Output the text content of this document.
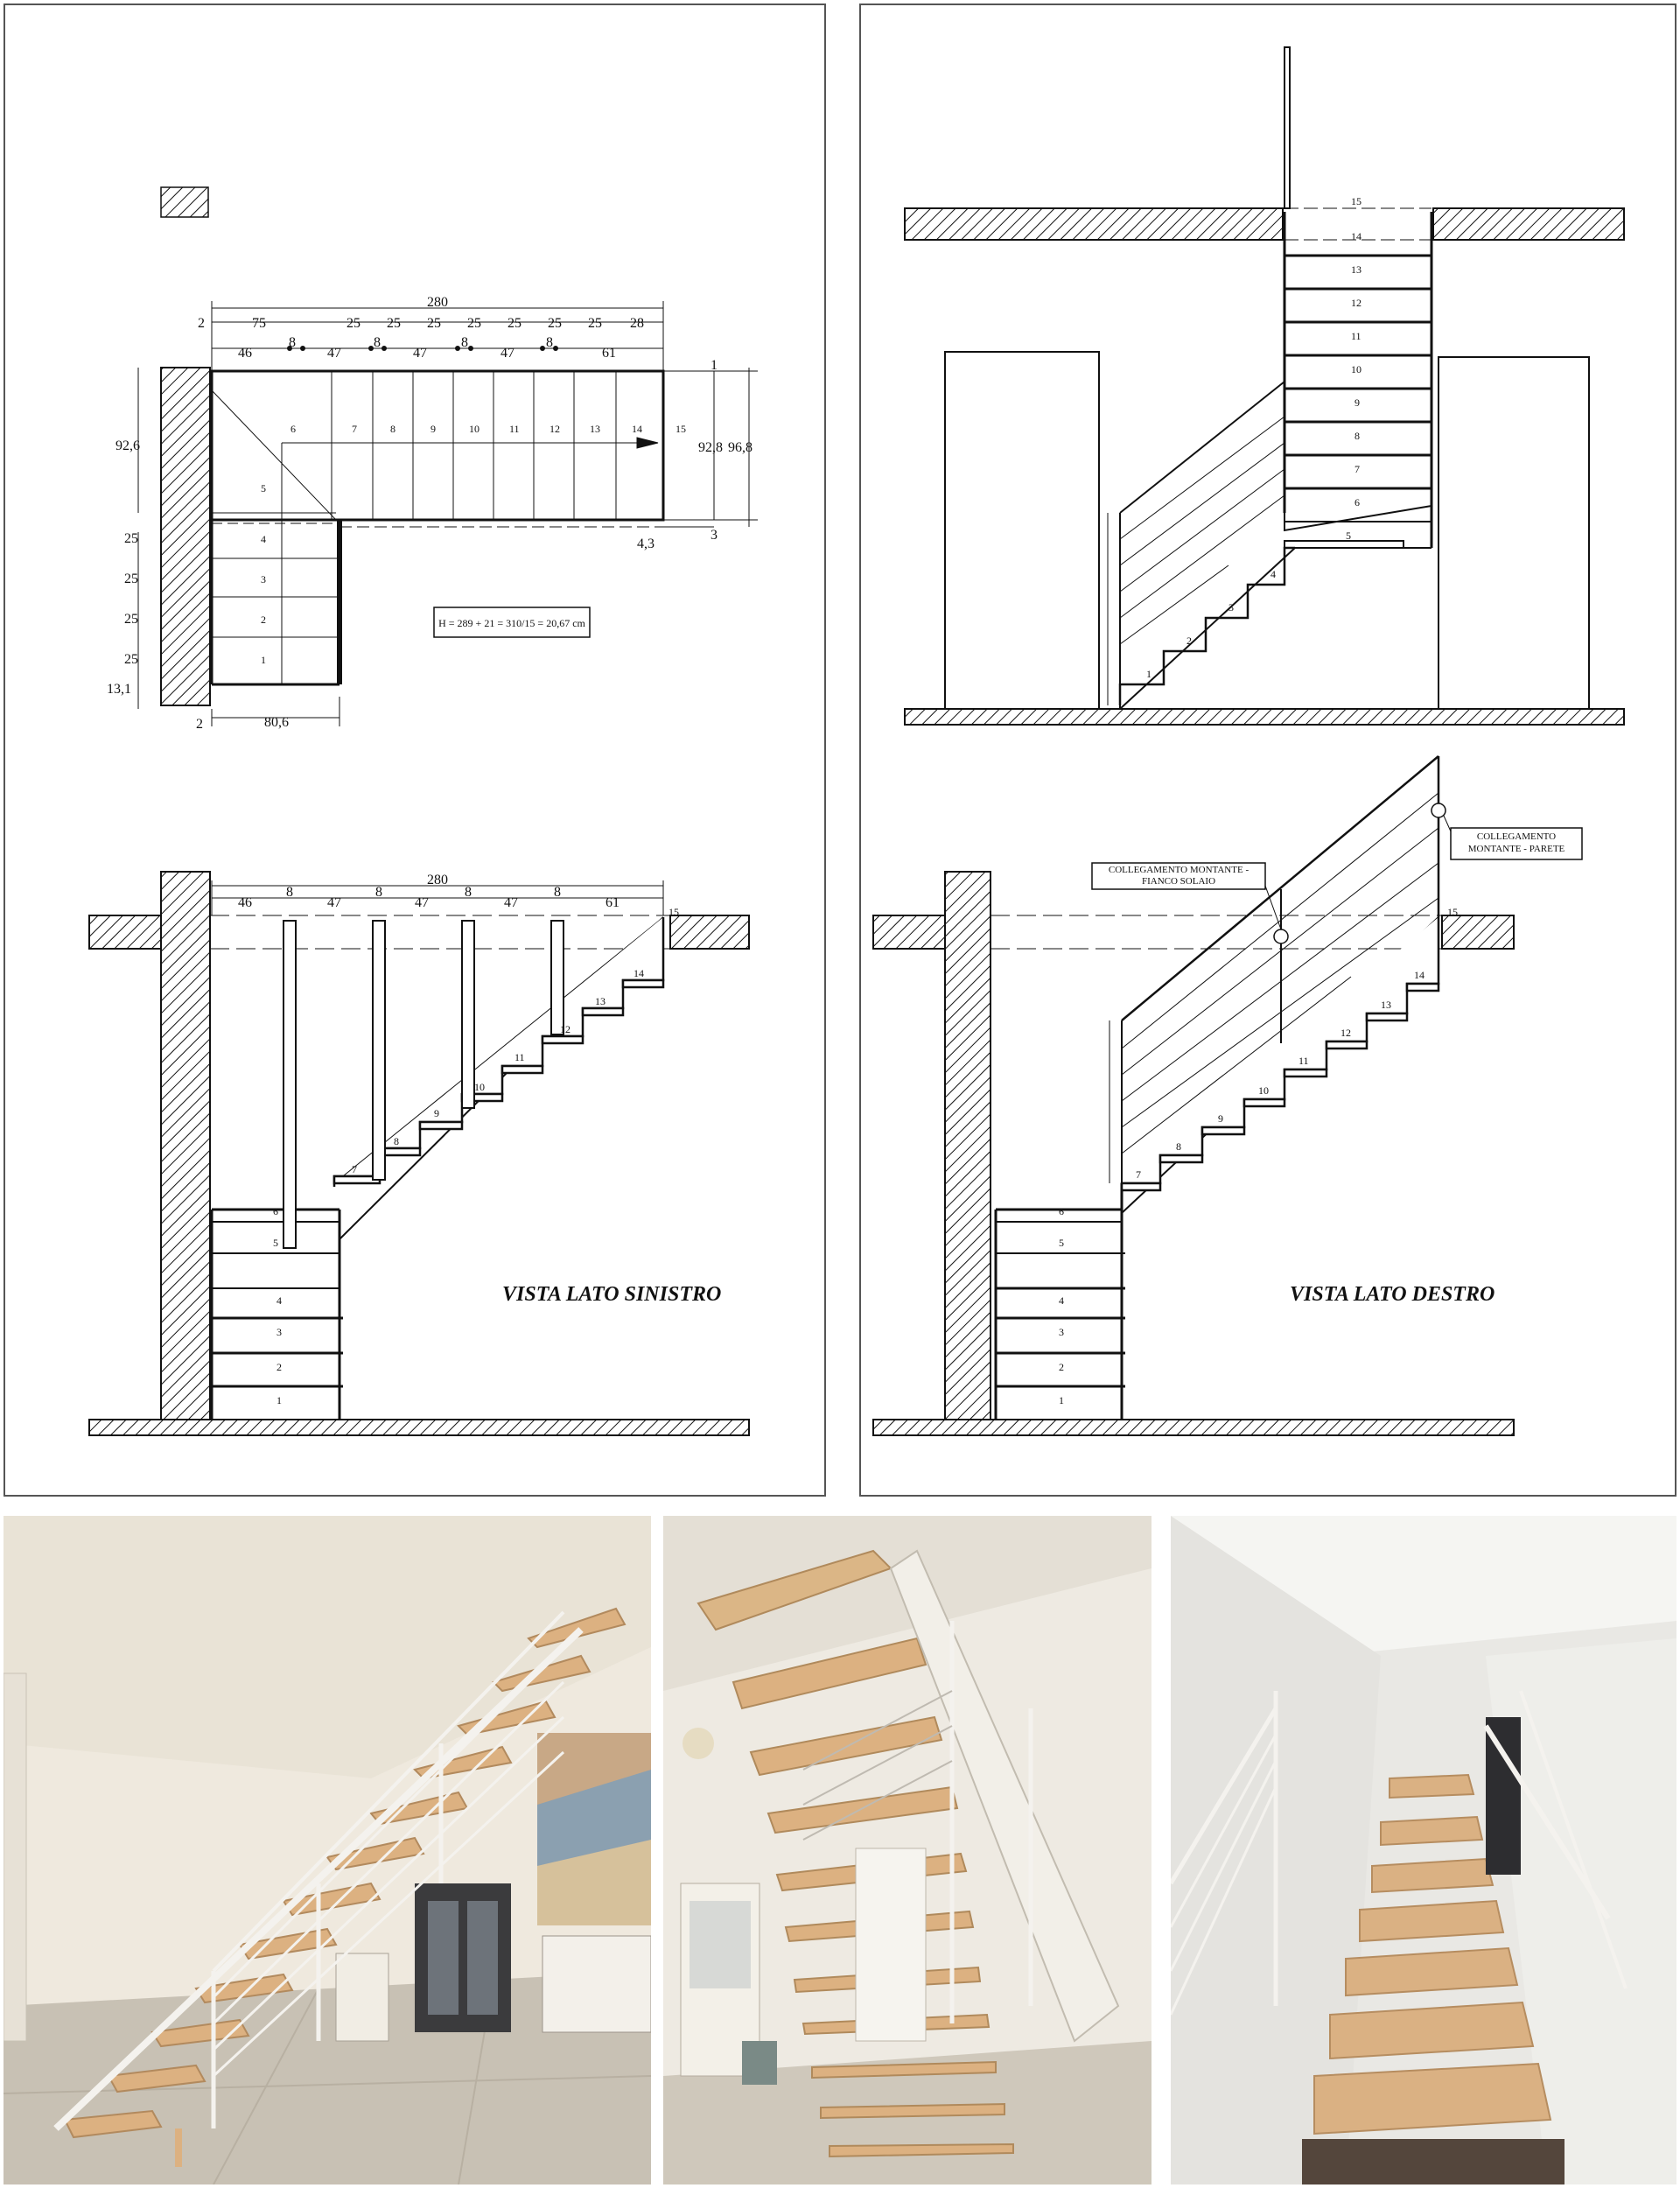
280
2	75	25 25 25 25 25 25 25 28
46
8
47
8
47
8
47
8
61
92,6
25
25
25
25
13,1
2	80,6
92,8 96,8
1
3
4,3
H = 289 + 21 = 310/15 = 20,67 cm
6	7	8	9	10	11	12	13	14	15
5
4
3
2
1
280
46
8
47
8
47
8
47
8
61
1
2
3
4
5
6
7
8
9
10
11
12
13
14
15
VISTA LATO SINISTRO
15
14
13
12
11
10
9
8
7
6
5
4
3
2
1
COLLEGAMENTO MONTANTE - FIANCO SOLAIO
COLLEGAMENTO MONTANTE - PARETE
1
2
3
4
5
6
7
8
9
10
11
12
13
14
15
VISTA LATO DESTRO
